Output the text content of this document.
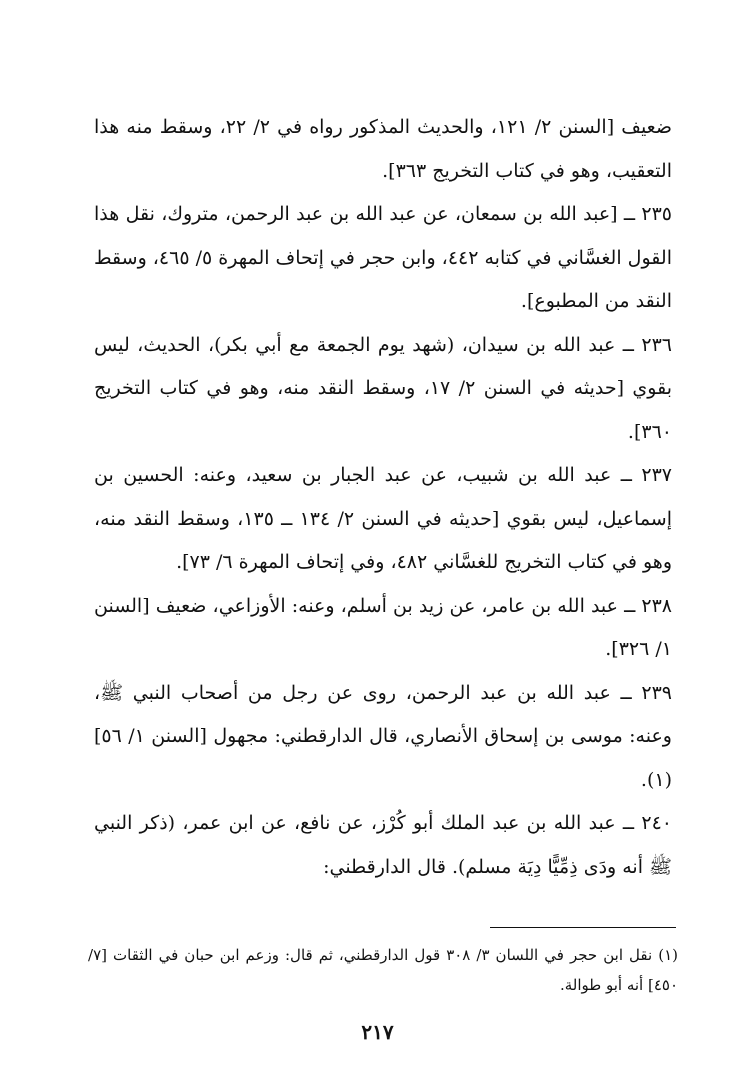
ضعيف [السنن ٢/ ١٢١، والحديث المذكور رواه في ٢/ ٢٢، وسقط منه هذا التعقيب، وهو في كتاب التخريج ٣٦٣].

٢٣٥ ــ [عبد الله بن سمعان، عن عبد الله بن عبد الرحمن، متروك، نقل هذا القول الغسَّاني في كتابه ٤٤٢، وابن حجر في إتحاف المهرة ٥/ ٤٦٥، وسقط النقد من المطبوع].

٢٣٦ ــ عبد الله بن سيدان، (شهد يوم الجمعة مع أبي بكر)، الحديث، ليس بقوي [حديثه في السنن ٢/ ١٧، وسقط النقد منه، وهو في كتاب التخريج ٣٦٠].

٢٣٧ ــ عبد الله بن شبيب، عن عبد الجبار بن سعيد، وعنه: الحسين بن إسماعيل، ليس بقوي [حديثه في السنن ٢/ ١٣٤ ــ ١٣٥، وسقط النقد منه، وهو في كتاب التخريج للغسَّاني ٤٨٢، وفي إتحاف المهرة ٦/ ٧٣].

٢٣٨ ــ عبد الله بن عامر، عن زيد بن أسلم، وعنه: الأوزاعي، ضعيف [السنن ١/ ٣٢٦].

٢٣٩ ــ عبد الله بن عبد الرحمن، روى عن رجل من أصحاب النبي ﷺ، وعنه: موسى بن إسحاق الأنصاري، قال الدارقطني: مجهول [السنن ١/ ٥٦](١).

٢٤٠ ــ عبد الله بن عبد الملك أبو كُرْز، عن نافع، عن ابن عمر، (ذكر النبي ﷺ أنه ودَى ذِمِّيًّا دِيَة مسلم). قال الدارقطني:

(١) نقل ابن حجر في اللسان ٣/ ٣٠٨ قول الدارقطني، ثم قال: وزعم ابن حبان في الثقات [٧/ ٤٥٠] أنه أبو طوالة.

٢١٧
